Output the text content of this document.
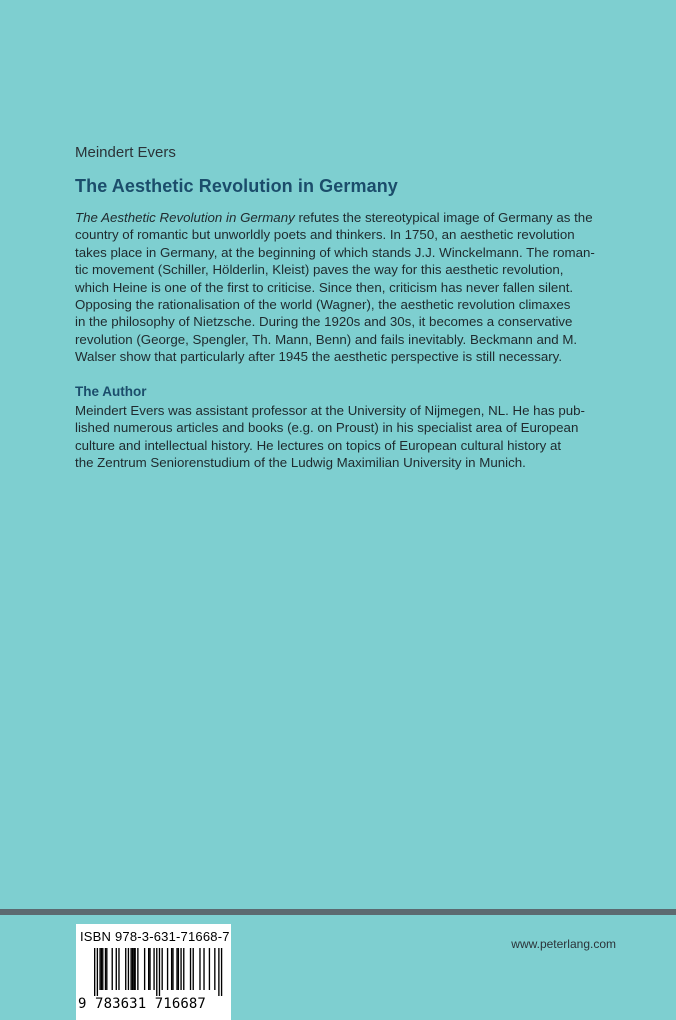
Meindert Evers
The Aesthetic Revolution in Germany
The Aesthetic Revolution in Germany refutes the stereotypical image of Germany as the
country of romantic but unworldly poets and thinkers. In 1750, an aesthetic revolution
takes place in Germany, at the beginning of which stands J.J. Winckelmann. The roman-
tic movement (Schiller, Hölderlin, Kleist) paves the way for this aesthetic revolution,
which Heine is one of the first to criticise. Since then, criticism has never fallen silent.
Opposing the rationalisation of the world (Wagner), the aesthetic revolution climaxes
in the philosophy of Nietzsche. During the 1920s and 30s, it becomes a conservative
revolution (George, Spengler, Th. Mann, Benn) and fails inevitably. Beckmann and M.
Walser show that particularly after 1945 the aesthetic perspective is still necessary.
The Author
Meindert Evers was assistant professor at the University of Nijmegen, NL. He has pub-
lished numerous articles and books (e.g. on Proust) in his specialist area of European
culture and intellectual history. He lectures on topics of European cultural history at
the Zentrum Seniorenstudium of the Ludwig Maximilian University in Munich.
ISBN 978-3-631-71668-7
9 783631 716687
www.peterlang.com
